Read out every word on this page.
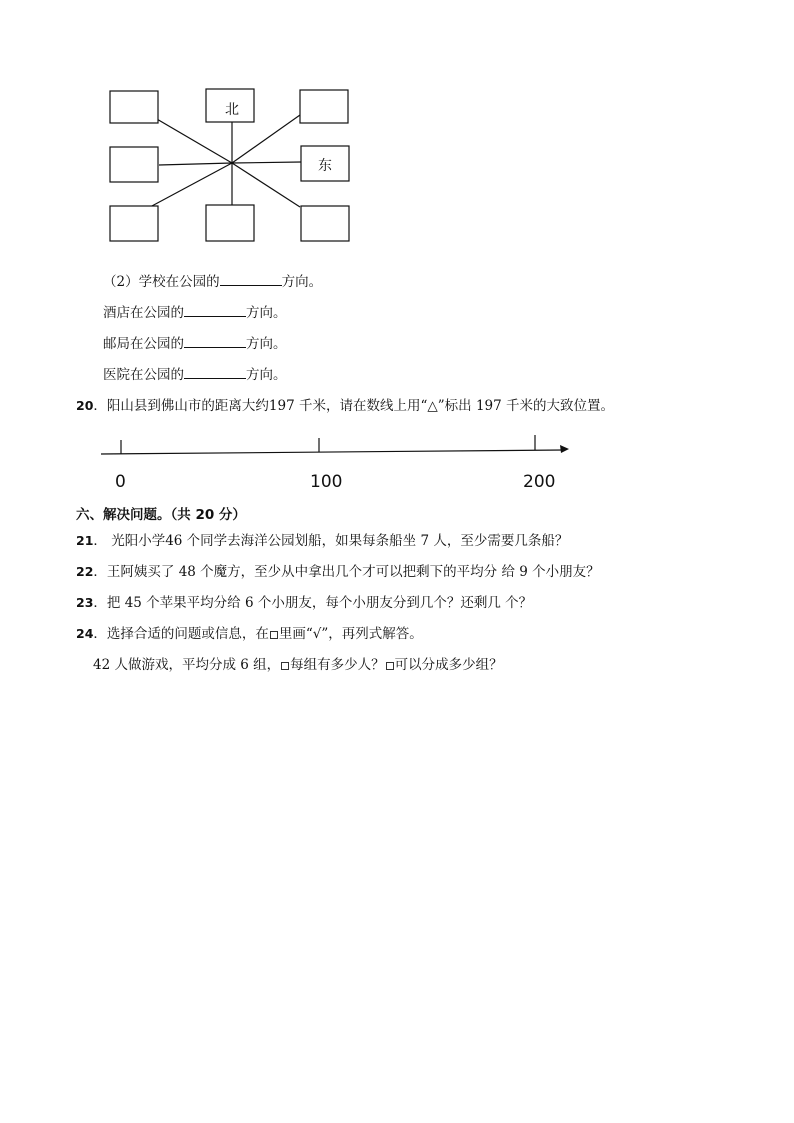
北
东
（2）学校在公园的	方向。
酒店在公园的	方向。
邮局在公园的	方向。
医院在公园的	方向。
20．阳山县到佛山市的距离大约197 千米，请在数线上用“△”标出 197 千米的大致位置。
0	100	200
六、解决问题。（共 20 分）
21． 光阳小学46 个同学去海洋公园划船，如果每条船坐 7 人，至少需要几条船？
22．王阿姨买了 48 个魔方，至少从中拿出几个才可以把剩下的平均分 给 9 个小朋友？
23．把 45 个苹果平均分给 6 个小朋友，每个小朋友分到几个？还剩几 个？
24．选择合适的问题或信息，在 里画“√”，再列式解答。
42 人做游戏，平均分成 6 组， 每组有多少人？ 可以分成多少组？
